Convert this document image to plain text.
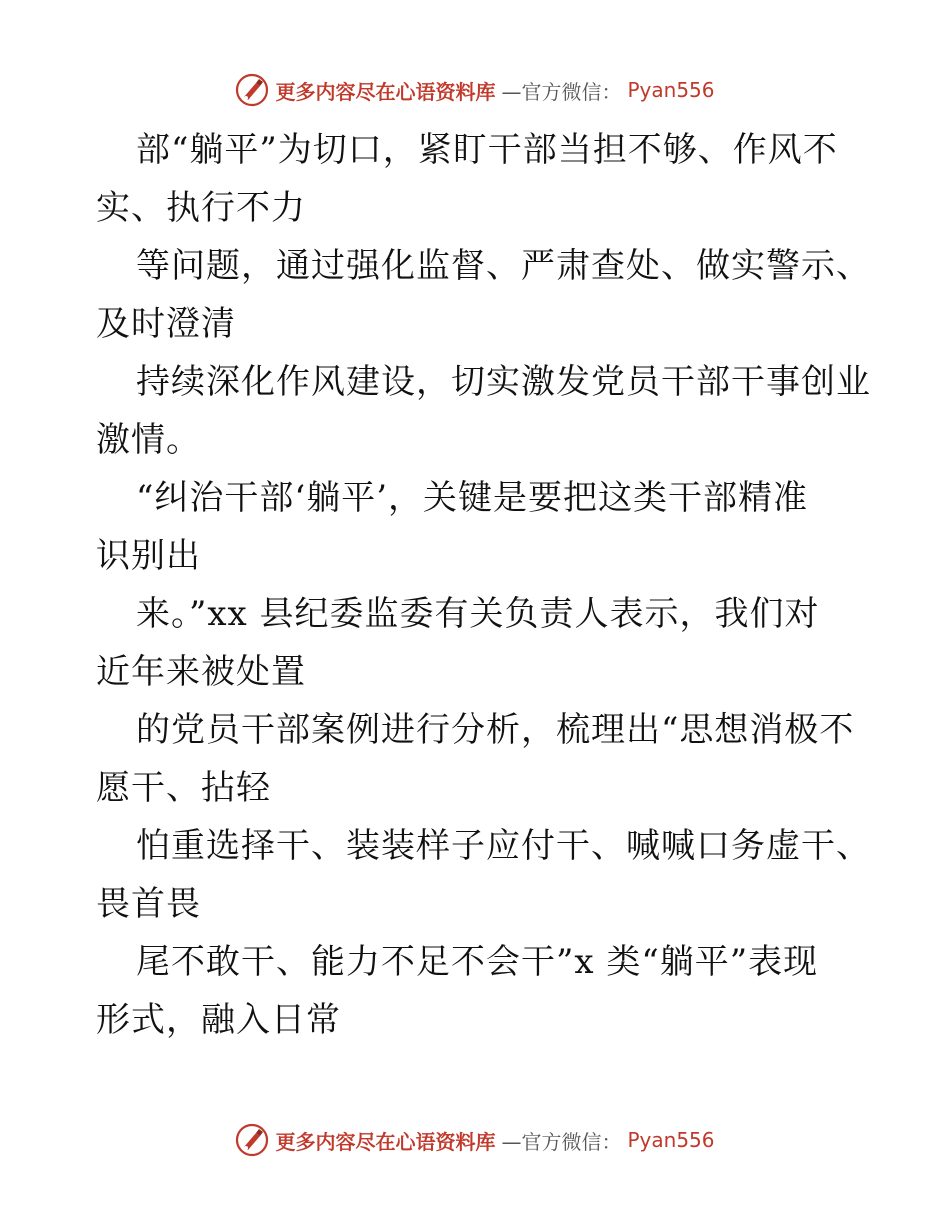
更多内容尽在心语资料库 —官方微信： Pyan556
部“躺平”为切口，紧盯干部当担不够、作风不
实、执行不力
等问题，通过强化监督、严肃查处、做实警示、
及时澄清
持续深化作风建设，切实激发党员干部干事创业
激情。
“纠治干部‘躺平’，关键是要把这类干部精准
识别出
来。”xx 县纪委监委有关负责人表示，我们对
近年来被处置
的党员干部案例进行分析，梳理出“思想消极不
愿干、拈轻
怕重选择干、装装样子应付干、喊喊口务虚干、
畏首畏
尾不敢干、能力不足不会干”x 类“躺平”表现
形式，融入日常
更多内容尽在心语资料库 —官方微信： Pyan556
